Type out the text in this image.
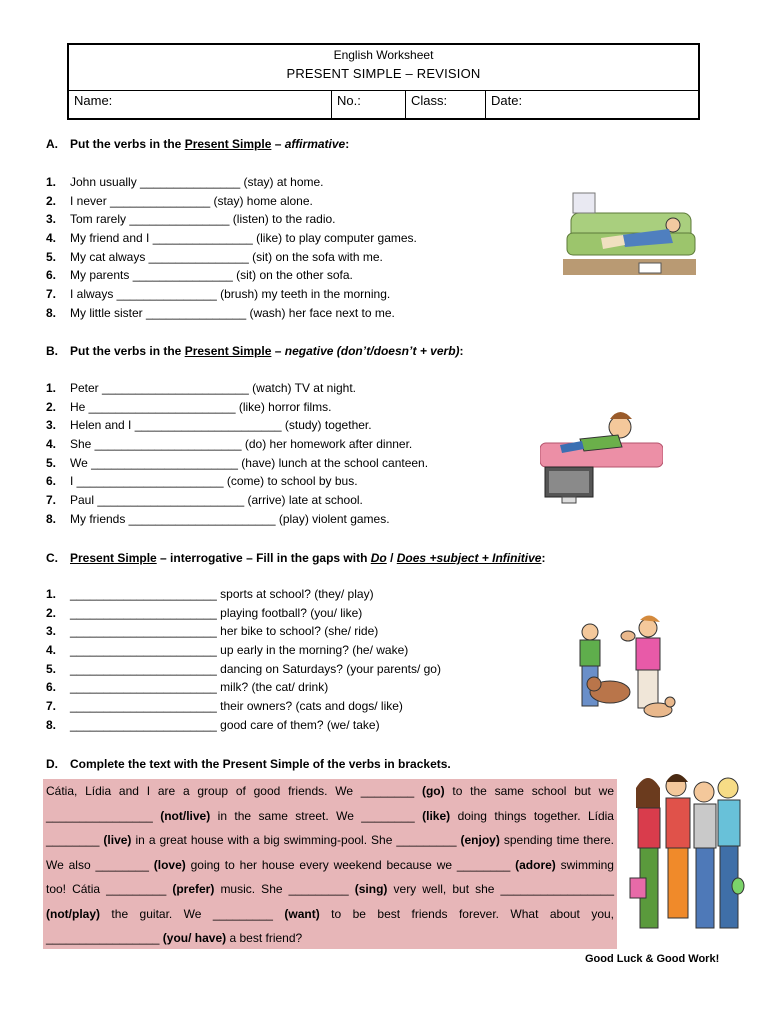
English Worksheet
PRESENT SIMPLE – REVISION
Name:	No.:	Class:	Date:
A. Put the verbs in the Present Simple – affirmative:
1. John usually _______________ (stay) at home.
2. I never _______________ (stay) home alone.
3. Tom rarely _______________ (listen) to the radio.
4. My friend and I _______________ (like) to play computer games.
5. My cat always _______________ (sit) on the sofa with me.
6. My parents _______________ (sit) on the other sofa.
7. I always _______________ (brush) my teeth in the morning.
8. My little sister _______________ (wash) her face next to me.
B. Put the verbs in the Present Simple – negative (don’t/doesn’t + verb):
1. Peter ______________________ (watch) TV at night.
2. He ______________________ (like) horror films.
3. Helen and I ______________________ (study) together.
4. She ______________________ (do) her homework after dinner.
5. We ______________________ (have) lunch at the school canteen.
6. I ______________________ (come) to school by bus.
7. Paul ______________________ (arrive) late at school.
8. My friends ______________________ (play) violent games.
C. Present Simple – interrogative – Fill in the gaps with Do / Does +subject + Infinitive:
1. ______________________ sports at school? (they/ play)
2. ______________________ playing football? (you/ like)
3. ______________________ her bike to school? (she/ ride)
4. ______________________ up early in the morning? (he/ wake)
5. ______________________ dancing on Saturdays? (your parents/ go)
6. ______________________ milk? (the cat/ drink)
7. ______________________ their owners? (cats and dogs/ like)
8. ______________________ good care of them? (we/ take)
D. Complete the text with the Present Simple of the verbs in brackets.
Cátia, Lídia and I are a group of good friends. We ________ (go) to the same school but we ________________ (not/live) in the same street. We ________ (like) doing things together. Lídia ________ (live) in a great house with a big swimming-pool. She _________ (enjoy) spending time there. We also ________ (love) going to her house every weekend because we ________ (adore) swimming too! Cátia _________ (prefer) music. She _________ (sing) very well, but she _________________ (not/play) the guitar. We _________ (want) to be best friends forever. What about you, _________________ (you/ have) a best friend?
Good Luck & Good Work!
